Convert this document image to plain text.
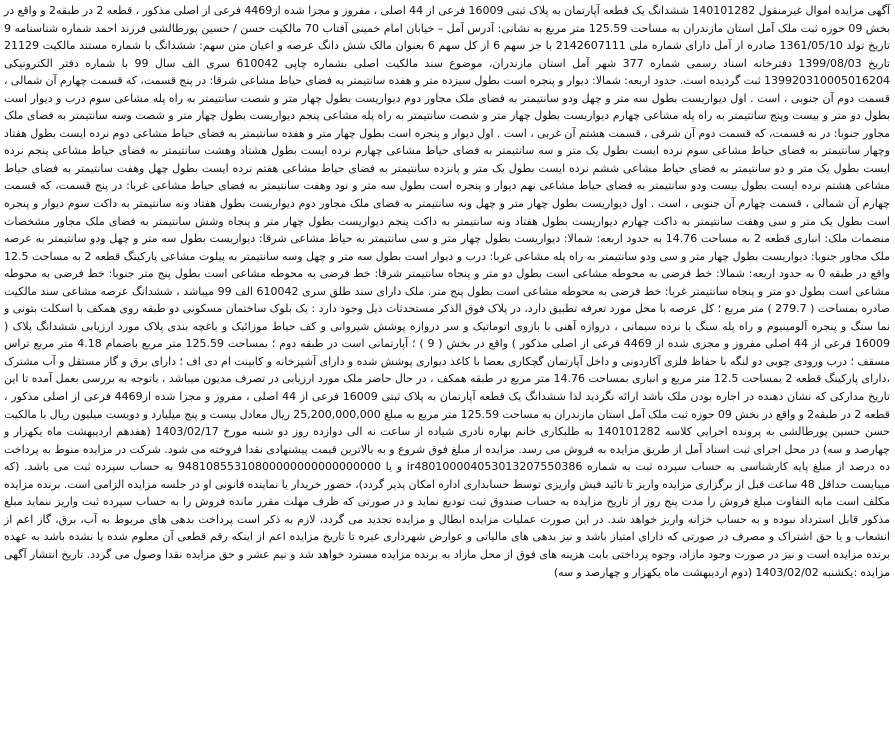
آگهی مزایده اموال غیرمنقول 140101282 ششدانگ یک قطعه آپارتمان به پلاک ثبتی 16009 فرعی از 44 اصلی ، مفروز و مجزا شده از4469 فرعی از اصلی مذکور ، قطعه 2 در طبقه2 و واقع در بخش 09 حوزه ثبت ملک آمل استان مازندران به مساحت 125.59 متر مربع به نشانی: آدرس آمل – خیابان امام خمینی آفتاب 70 مالکیت حسن / حسین پورطالشی فرزند احمد شماره شناسنامه 9 تاریخ تولد 1361/05/10 صادره از آمل دارای شماره ملی 2142607111 با جز سهم 6 از کل سهم 6 بعنوان مالک شش دانگ عرصه و اعیان متن سهم: ششدانگ با شماره مستند مالکیت 21129 تاریخ 1399/08/03 دفترخانه اسناد رسمی شماره 377 شهر آمل استان مازندران، موضوع سند مالکیت اصلی بشماره چاپی 610042 سری الف سال 99 با شماره دفتر الکترونیکی 139920310005016204 ثبت گردیده است. حدود اربعه: شمالا: دیوار و پنجره است بطول سیزده متر و هفده سانتیمتر به فضای حیاط مشاعی شرقا: در پنج قسمت، که قسمت چهارم آن شمالی ، قسمت دوم آن جنوبی ، است . اول دیواریست بطول سه متر و چهل ودو سانتیمتر به فضای ملک مجاور دوم دیواریست بطول چهار متر و شصت سانتیمتر به راه پله مشاعی سوم درب و دیوار است بطول دو متر و بیست وپنج سانتیمتر به راه پله مشاعی چهارم دیواریست بطول چهار متر و شصت سانتیمتر به راه پله مشاعی پنجم دیواریست بطول چهار متر و شصت وسه سانتیمتر به فضای ملک مجاور جنوبا: در نه قسمت، که قسمت دوم آن شرقی ، قسمت هشتم آن غربی ، است . اول دیوار و پنجره است بطول چهار متر و هفده سانتیمتر به فضای حیاط مشاعی دوم نرده ایست بطول هفتاد وچهار سانتیمتر به فضای حیاط مشاعی سوم نرده ایست بطول یک متر و سه سانتیمتر به فضای حیاط مشاعی چهارم نرده ایست بطول هشتاد وهشت سانتیمتر به فضای حیاط مشاعی پنجم نرده ایست بطول یک متر و دو سانتیمتر به فضای حیاط مشاعی ششم نرده ایست بطول یک متر و پانزده سانتیمتر به فضای حیاط مشاعی هفتم نرده ایست بطول چهل وهفت سانتیمتر به فضای حیاط مشاعی هشتم نرده ایست بطول بیست ودو سانتیمتر به فضای حیاط مشاعی نهم دیوار و پنجره است بطول سه متر و نود وهفت سانتیمتر به فضای حیاط مشاعی غربا: در پنج قسمت، که قسمت چهارم آن شمالی ، قسمت چهارم آن جنوبی ، است . اول دیواریست بطول چهار متر و چهل ونه سانتیمتر به فضای ملک مجاور دوم دیواریست بطول هفتاد ونه سانتیمتر به داکت سوم دیوار و پنجره است بطول یک متر و سی وهفت سانتیمتر به داکت چهارم دیواریست بطول هفتاد ونه سانتیمتر به داکت پنجم دیواریست بطول چهار متر و پنجاه وشش سانتیمتر به فضای ملک مجاور مشخصات منضمات ملک: انباری قطعه 2 به مساحت 14.76 به حدود اربعه: شمالا: دیواریست بطول چهار متر و سی سانتیمتر به حیاط مشاعی شرقا: دیواریست بطول سه متر و چهل ودو سانتیمتر به عرصه ملک مجاور جنوبا: دیواریست بطول چهار متر و سی ودو سانتیمتر به راه پله مشاعی غربا: درب و دیوار است بطول سه متر و چهل وسه سانتیمتر به پیلوت مشاعی پارکینگ قطعه 2 به مساحت 12.5 واقع در طبقه 0 به حدود اربعه: شمالا: خط فرضی به محوطه مشاعی است بطول دو متر و پنجاه سانتیمتر شرقا: خط فرضی به محوطه مشاعی است بطول پنج متر جنوبا: خط فرضی به محوطه مشاعی است بطول دو متر و پنجاه سانتیمتر غربا: خط فرضی به محوطه مشاعی است بطول پنج متر. ملک دارای سند طلق سری 610042 الف 99 میباشد ، ششدانگ عرصه مشاعی سند مالکیت صادره بمساحت ( 279.7 ) متر مربع ؛ کل عرصه با محل مورد تعرفه تطبیق دارد، در پلاک فوق الذکر مستحدثات ذیل وجود دارد : یک بلوک ساختمان مسکونی دو طبقه روی همکف با اسکلت بتونی و نما سنگ و پنجره آلومینیوم و راه پله سنگ با نرده سیمانی ، دروازه آهنی با بازوی اتوماتیک و سر دروازه پوشش شیروانی و کف حیاط موزائیک و باغچه بندی پلاک مورد ارزیابی ششدانگ پلاک ( 16009 فرعی از 44 اصلی مفروز و مجزی شده از 4469 فرعی از اصلی مذکور ) واقع در بخش ( 9 ) ؛ آپارتمانی است در طبقه دوم ؛ بمساحت 125.59 متر مربع باضمام 4.18 متر مربع تراس مسقف ؛ درب ورودی چوبی دو لنگه با حفاظ فلزی آکاردونی و داخل آپارتمان گچکاری بعضا با کاغذ دیواری پوشش شده و دارای آشپزخانه و کابینت ام دی اف ؛ دارای برق و گاز مستقل و آب مشترک ،دارای پارکینگ قطعه 2 بمساحت 12.5 متر مربع و انباری بمساحت 14.76 متر مربع در طبقه همکف ، در حال حاضر ملک مورد ارزیابی در تصرف مدیون میباشد ، باتوجه به بررسی بعمل آمده تا این تاریخ مدارکی که نشان دهنده در اجاره بودن ملک باشد ارائه نگردید لذا ششدانگ یک قطعه آپارتمان به پلاک ثبتی 16009 فرعی از 44 اصلی ، مفروز و مجزا شده از4469 فرعی از اصلی مذکور ، قطعه 2 در طبقه2 و واقع در بخش 09 حوزه ثبت ملک آمل استان مازندران به مساحت 125.59 متر مربع به مبلغ 25,200,000,000 ریال معادل بیست و پنج میلیارد و دویست میلیون ریال با مالکیت حسن حسین پورطالشی به پرونده اجرایی کلاسه 140101282 به طلبکاری خانم بهاره نادری شیاده از ساعت نه الی دوازده روز دو شنبه مورخ 1403/02/17 (هفدهم اردیبهشت ماه یکهزار و چهارصد و سه) در محل اجرای ثبت اسناد آمل از طریق مزایده به فروش می رسد. مزایده از مبلغ فوق شروع و به بالاترین قیمت پیشنهادی نقدا فروخته می شود. شرکت در مزایده منوط به پرداخت ده درصد از مبلغ پایه کارشناسی به حساب سپرده ثبت به شماره ir480100004053013207550386 و یا 94810855310800000000000000000 به حساب سپرده ثبت می باشد. (که میبایست حداقل 48 ساعت قبل از برگزاری مزایده واریز تا تائید فیش واریزی توسط حسابداری اداره امکان پذیر گردد)، حضور خریدار یا نماینده قانونی او در جلسه مزایده الزامی است. برنده مزایده مکلف است مابه التفاوت مبلغ فروش را مدت پنج روز از تاریخ مزایده به حساب صندوق ثبت تودیع نماید و در صورتی که ظرف مهلت مقرر مانده فروش را به حساب سپرده ثبت واریز ننماید مبلغ مذکور قابل استرداد نبوده و به حساب خزانه واریز خواهد شد. در این صورت عملیات مزایده ابطال و مزایده تجدید می گردد، لازم به ذکر است پرداخت بدهی های مربوط به آب، برق، گاز اعم از انشعاب و یا حق اشتراک و مصرف در صورتی که دارای امتیاز باشد و نیز بدهی های مالیاتی و عوارض شهرداری غیره تا تاریخ مزایده اعم از اینکه رقم قطعی آن معلوم شده یا نشده باشد به عهده برنده مزایده است و نیز در صورت وجود مازاد، وجوه پرداختی بابت هزینه های فوق از محل مازاد به برنده مزایده مسترد خواهد شد و نیم عشر و حق مزایده نقدا وصول می گردد. تاریخ انتشار آگهی مزایده :یکشنبه 1403/02/02 (دوم اردیبهشت ماه یکهزار و چهارصد و سه)
